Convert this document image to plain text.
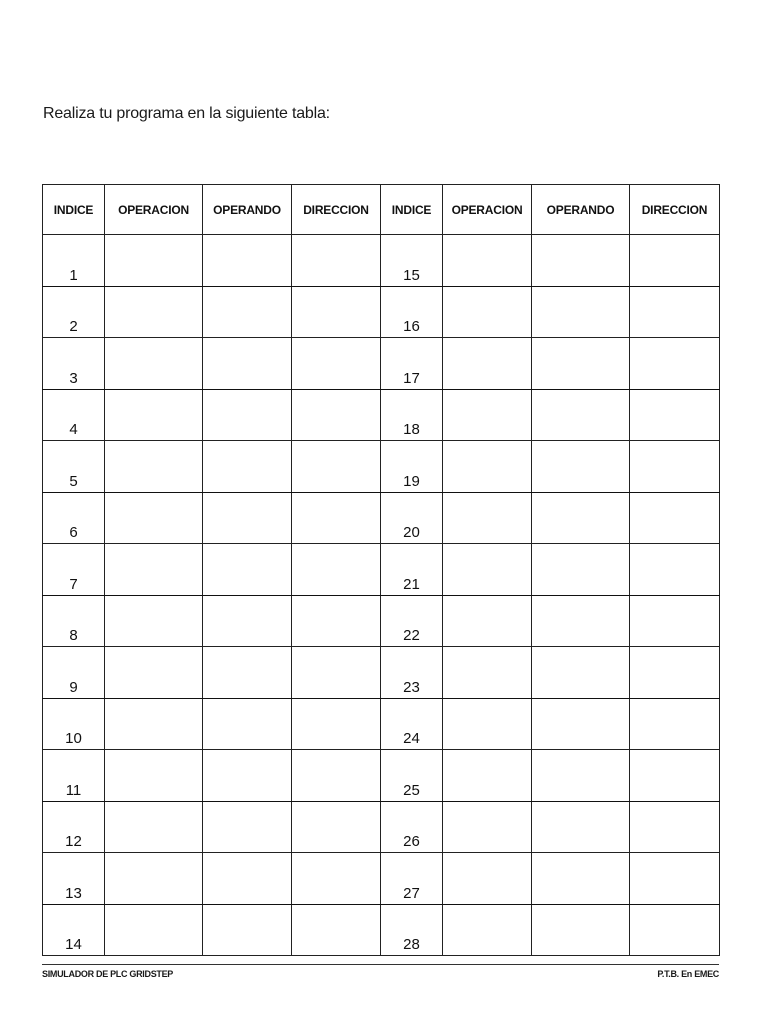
Realiza tu programa en la siguiente tabla:
INDICE	OPERACION	OPERANDO	DIRECCION	INDICE	OPERACION	OPERANDO	DIRECCION
1				15			
2				16			
3				17			
4				18			
5				19			
6				20			
7				21			
8				22			
9				23			
10				24			
11				25			
12				26			
13				27			
14				28			
SIMULADOR DE PLC GRIDSTEP	P.T.B. En EMEC
